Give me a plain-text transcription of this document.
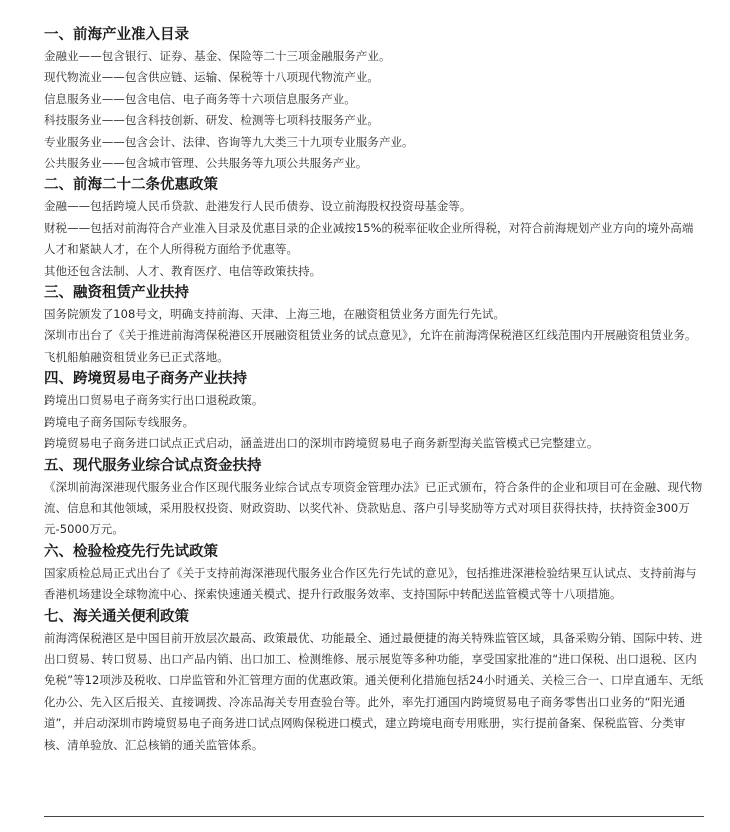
一、前海产业准入目录

金融业——包含银行、证券、基金、保险等二十三项金融服务产业。

现代物流业——包含供应链、运输、保税等十八项现代物流产业。

信息服务业——包含电信、电子商务等十六项信息服务产业。

科技服务业——包含科技创新、研发、检测等七项科技服务产业。

专业服务业——包含会计、法律、咨询等九大类三十九项专业服务产业。

公共服务业——包含城市管理、公共服务等九项公共服务产业。

二、前海二十二条优惠政策

金融——包括跨境人民币贷款、赴港发行人民币债券、设立前海股权投资母基金等。

财税——包括对前海符合产业准入目录及优惠目录的企业减按15%的税率征收企业所得税，对符合前海规划产业方向的境外高端人才和紧缺人才，在个人所得税方面给予优惠等。

其他还包含法制、人才、教育医疗、电信等政策扶持。

三、融资租赁产业扶持

国务院颁发了108号文，明确支持前海、天津、上海三地，在融资租赁业务方面先行先试。

深圳市出台了《关于推进前海湾保税港区开展融资租赁业务的试点意见》，允许在前海湾保税港区红线范围内开展融资租赁业务。

飞机船舶融资租赁业务已正式落地。

四、跨境贸易电子商务产业扶持

跨境出口贸易电子商务实行出口退税政策。

跨境电子商务国际专线服务。

跨境贸易电子商务进口试点正式启动，涵盖进出口的深圳市跨境贸易电子商务新型海关监管模式已完整建立。

五、现代服务业综合试点资金扶持

《深圳前海深港现代服务业合作区现代服务业综合试点专项资金管理办法》已正式颁布，符合条件的企业和项目可在金融、现代物流、信息和其他领域，采用股权投资、财政资助、以奖代补、贷款贴息、落户引导奖励等方式对项目获得扶持，扶持资金300万元-5000万元。

六、检验检疫先行先试政策

国家质检总局正式出台了《关于支持前海深港现代服务业合作区先行先试的意见》，包括推进深港检验结果互认试点、支持前海与香港机场建设全球物流中心、探索快速通关模式、提升行政服务效率、支持国际中转配送监管模式等十八项措施。

七、海关通关便利政策

前海湾保税港区是中国目前开放层次最高、政策最优、功能最全、通过最便捷的海关特殊监管区域，具备采购分销、国际中转、进出口贸易、转口贸易、出口产品内销、出口加工、检测维修、展示展览等多种功能，享受国家批准的“进口保税、出口退税、区内免税”等12项涉及税收、口岸监管和外汇管理方面的优惠政策。通关便利化措施包括24小时通关、关检三合一、口岸直通车、无纸化办公、先入区后报关、直接调拨、冷冻品海关专用查验台等。此外，率先打通国内跨境贸易电子商务零售出口业务的“阳光通道”，并启动深圳市跨境贸易电子商务进口试点网购保税进口模式，建立跨境电商专用账册，实行提前备案、保税监管、分类审核、清单验放、汇总核销的通关监管体系。
